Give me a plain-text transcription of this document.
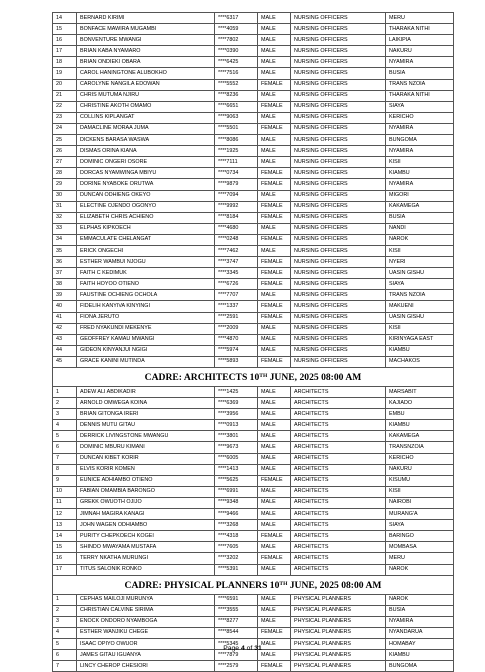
14	BERNARD KIRIMI	****6317	MALE	NURSING OFFICERS	MERU
15	BONFACE MAWIRA MUGAMBI	****4059	MALE	NURSING OFFICERS	THARAKA NITHI
16	BONVENTURE MWANGI	****7802	MALE	NURSING OFFICERS	LAIKIPIA
17	BRIAN KABA NYAMARO	****0390	MALE	NURSING OFFICERS	NAKURU
18	BRIAN ONDIEKI OBARA	****6425	MALE	NURSING OFFICERS	NYAMIRA
19	CAROL HANINGTONE ALUBOKHO	****7516	MALE	NURSING OFFICERS	BUSIA
20	CAROLYNE NANGILA EDOWAN	****5552	FEMALE	NURSING OFFICERS	TRANS NZOIA
21	CHRIS MUTUMA NJIRU	****8236	MALE	NURSING OFFICERS	THARAKA NITHI
22	CHRISTINE AKOTH OMAMO	****6651	FEMALE	NURSING OFFICERS	SIAYA
23	COLLINS KIPLANGAT	****9063	MALE	NURSING OFFICERS	KERICHO
24	DAMACLINE MORAA JUMA	****5501	FEMALE	NURSING OFFICERS	NYAMIRA
25	DICKENS BARASA WASWA	****8086	MALE	NURSING OFFICERS	BUNGOMA
26	DISMAS ORINA KIANA	****1925	MALE	NURSING OFFICERS	NYAMIRA
27	DOMINIC ONGERI OSORE	****7111	MALE	NURSING OFFICERS	KISII
28	DORCAS NYAMWINGA MBIYU	****0734	FEMALE	NURSING OFFICERS	KIAMBU
29	DORINE NYABOKE ORUTWA	****9879	FEMALE	NURSING OFFICERS	NYAMIRA
30	DUNCAN ODHIENG OKEYO	****7094	MALE	NURSING OFFICERS	MIGORI
31	ELECTINE OJENDO OGONYO	****9992	FEMALE	NURSING OFFICERS	KAKAMEGA
32	ELIZABETH CHRIS ACHIENO	****8184	FEMALE	NURSING OFFICERS	BUSIA
33	ELPHAS KIPKOECH	****4680	MALE	NURSING OFFICERS	NANDI
34	EMMACULATE CHELANGAT	****0248	FEMALE	NURSING OFFICERS	NAROK
35	ERICK ONGECHI	****7462	MALE	NURSING OFFICERS	KISII
36	ESTHER WAMBUI NJOGU	****3747	FEMALE	NURSING OFFICERS	NYERI
37	FAITH C KEDIMUK	****3345	FEMALE	NURSING OFFICERS	UASIN GISHU
38	FAITH HOYOO OTIENO	****6726	FEMALE	NURSING OFFICERS	SIAYA
39	FAUSTINE OCHIENG OCHOLA	****7707	MALE	NURSING OFFICERS	TRANS NZOIA
40	FIDELIH KANYIVA KINYINGI	****1337	FEMALE	NURSING OFFICERS	MAKUENI
41	FIONA JERUTO	****2591	FEMALE	NURSING OFFICERS	UASIN GISHU
42	FRED NYAKUNDI MEKENYE	****2009	MALE	NURSING OFFICERS	KISII
43	GEOFFREY KAMAU MWANGI	****4870	MALE	NURSING OFFICERS	KIRINYAGA EAST
44	GIDEON KINYANJUI NGIGI	****5974	MALE	NURSING OFFICERS	KIAMBU
45	GRACE KANINI MUTINDA	****5893	FEMALE	NURSING OFFICERS	MACHAKOS
CADRE: ARCHITECTS 10TH JUNE, 2025 08:00 AM					
1	ADEW ALI ABDIKADIR	****1425	MALE	ARCHITECTS	MARSABIT
2	ARNOLD OMWEGA KOINA	****6369	MALE	ARCHITECTS	KAJIADO
3	BRIAN GITONGA IRERI	****3956	MALE	ARCHITECTS	EMBU
4	DENNIS MUTU GITAU	****0913	MALE	ARCHITECTS	KIAMBU
5	DERRICK LIVINGSTONE MWANGU	****3801	MALE	ARCHITECTS	KAKAMEGA
6	DOMINIC MBURU KIMANI	****9673	MALE	ARCHITECTS	TRANSNZOIA
7	DUNCAN KIBET KORIR	****6005	MALE	ARCHITECTS	KERICHO
8	ELVIS KORIR KOMEN	****1413	MALE	ARCHITECTS	NAKURU
9	EUNICE ADHIAMBO OTIENO	****5625	FEMALE	ARCHITECTS	KISUMU
10	FABIAN OMAMBIA BARONGO	****6991	MALE	ARCHITECTS	KISII
11	GREKK OWUOTH OJIJO	****9348	MALE	ARCHITECTS	NAIROBI
12	JIMNAH MAGIRA KANAGI	****9466	MALE	ARCHITECTS	MURANG'A
13	JOHN WAGEN ODHIAMBO	****3268	MALE	ARCHITECTS	SIAYA
14	PURITY CHEPKOECH KOGEI	****4318	FEMALE	ARCHITECTS	BARINGO
15	SHINDO MWAYAMA MUSTAFA	****7605	MALE	ARCHITECTS	MOMBASA
16	TERRY NKATHA MURUNGI	****3202	FEMALE	ARCHITECTS	MERU
17	TITUS SALONIK RONKO	****5391	MALE	ARCHITECTS	NAROK
CADRE: PHYSICAL PLANNERS 10TH JUNE, 2025 08:00 AM					
1	CEPHAS MAILOJI MURUNYA	****6591	MALE	PHYSICAL PLANNERS	NAROK
2	CHRISTIAN CALVINE SIRIMA	****3555	MALE	PHYSICAL PLANNERS	BUSIA
3	ENOCK ONDORO NYAMBOGA	****8277	MALE	PHYSICAL PLANNERS	NYAMIRA
4	ESTHER WANJIKU CHEGE	****8544	FEMALE	PHYSICAL PLANNERS	NYANDARUA
5	ISAAC OPIYO OWUOR	****5345	MALE	PHYSICAL PLANNERS	HOMABAY
6	JAMES GITAU IGUANYA	****7879	MALE	PHYSICAL PLANNERS	KIAMBU
7	LINCY CHEROP CHESIORI	****2579	FEMALE	PHYSICAL PLANNERS	BUNGOMA
Page 4 of 31
